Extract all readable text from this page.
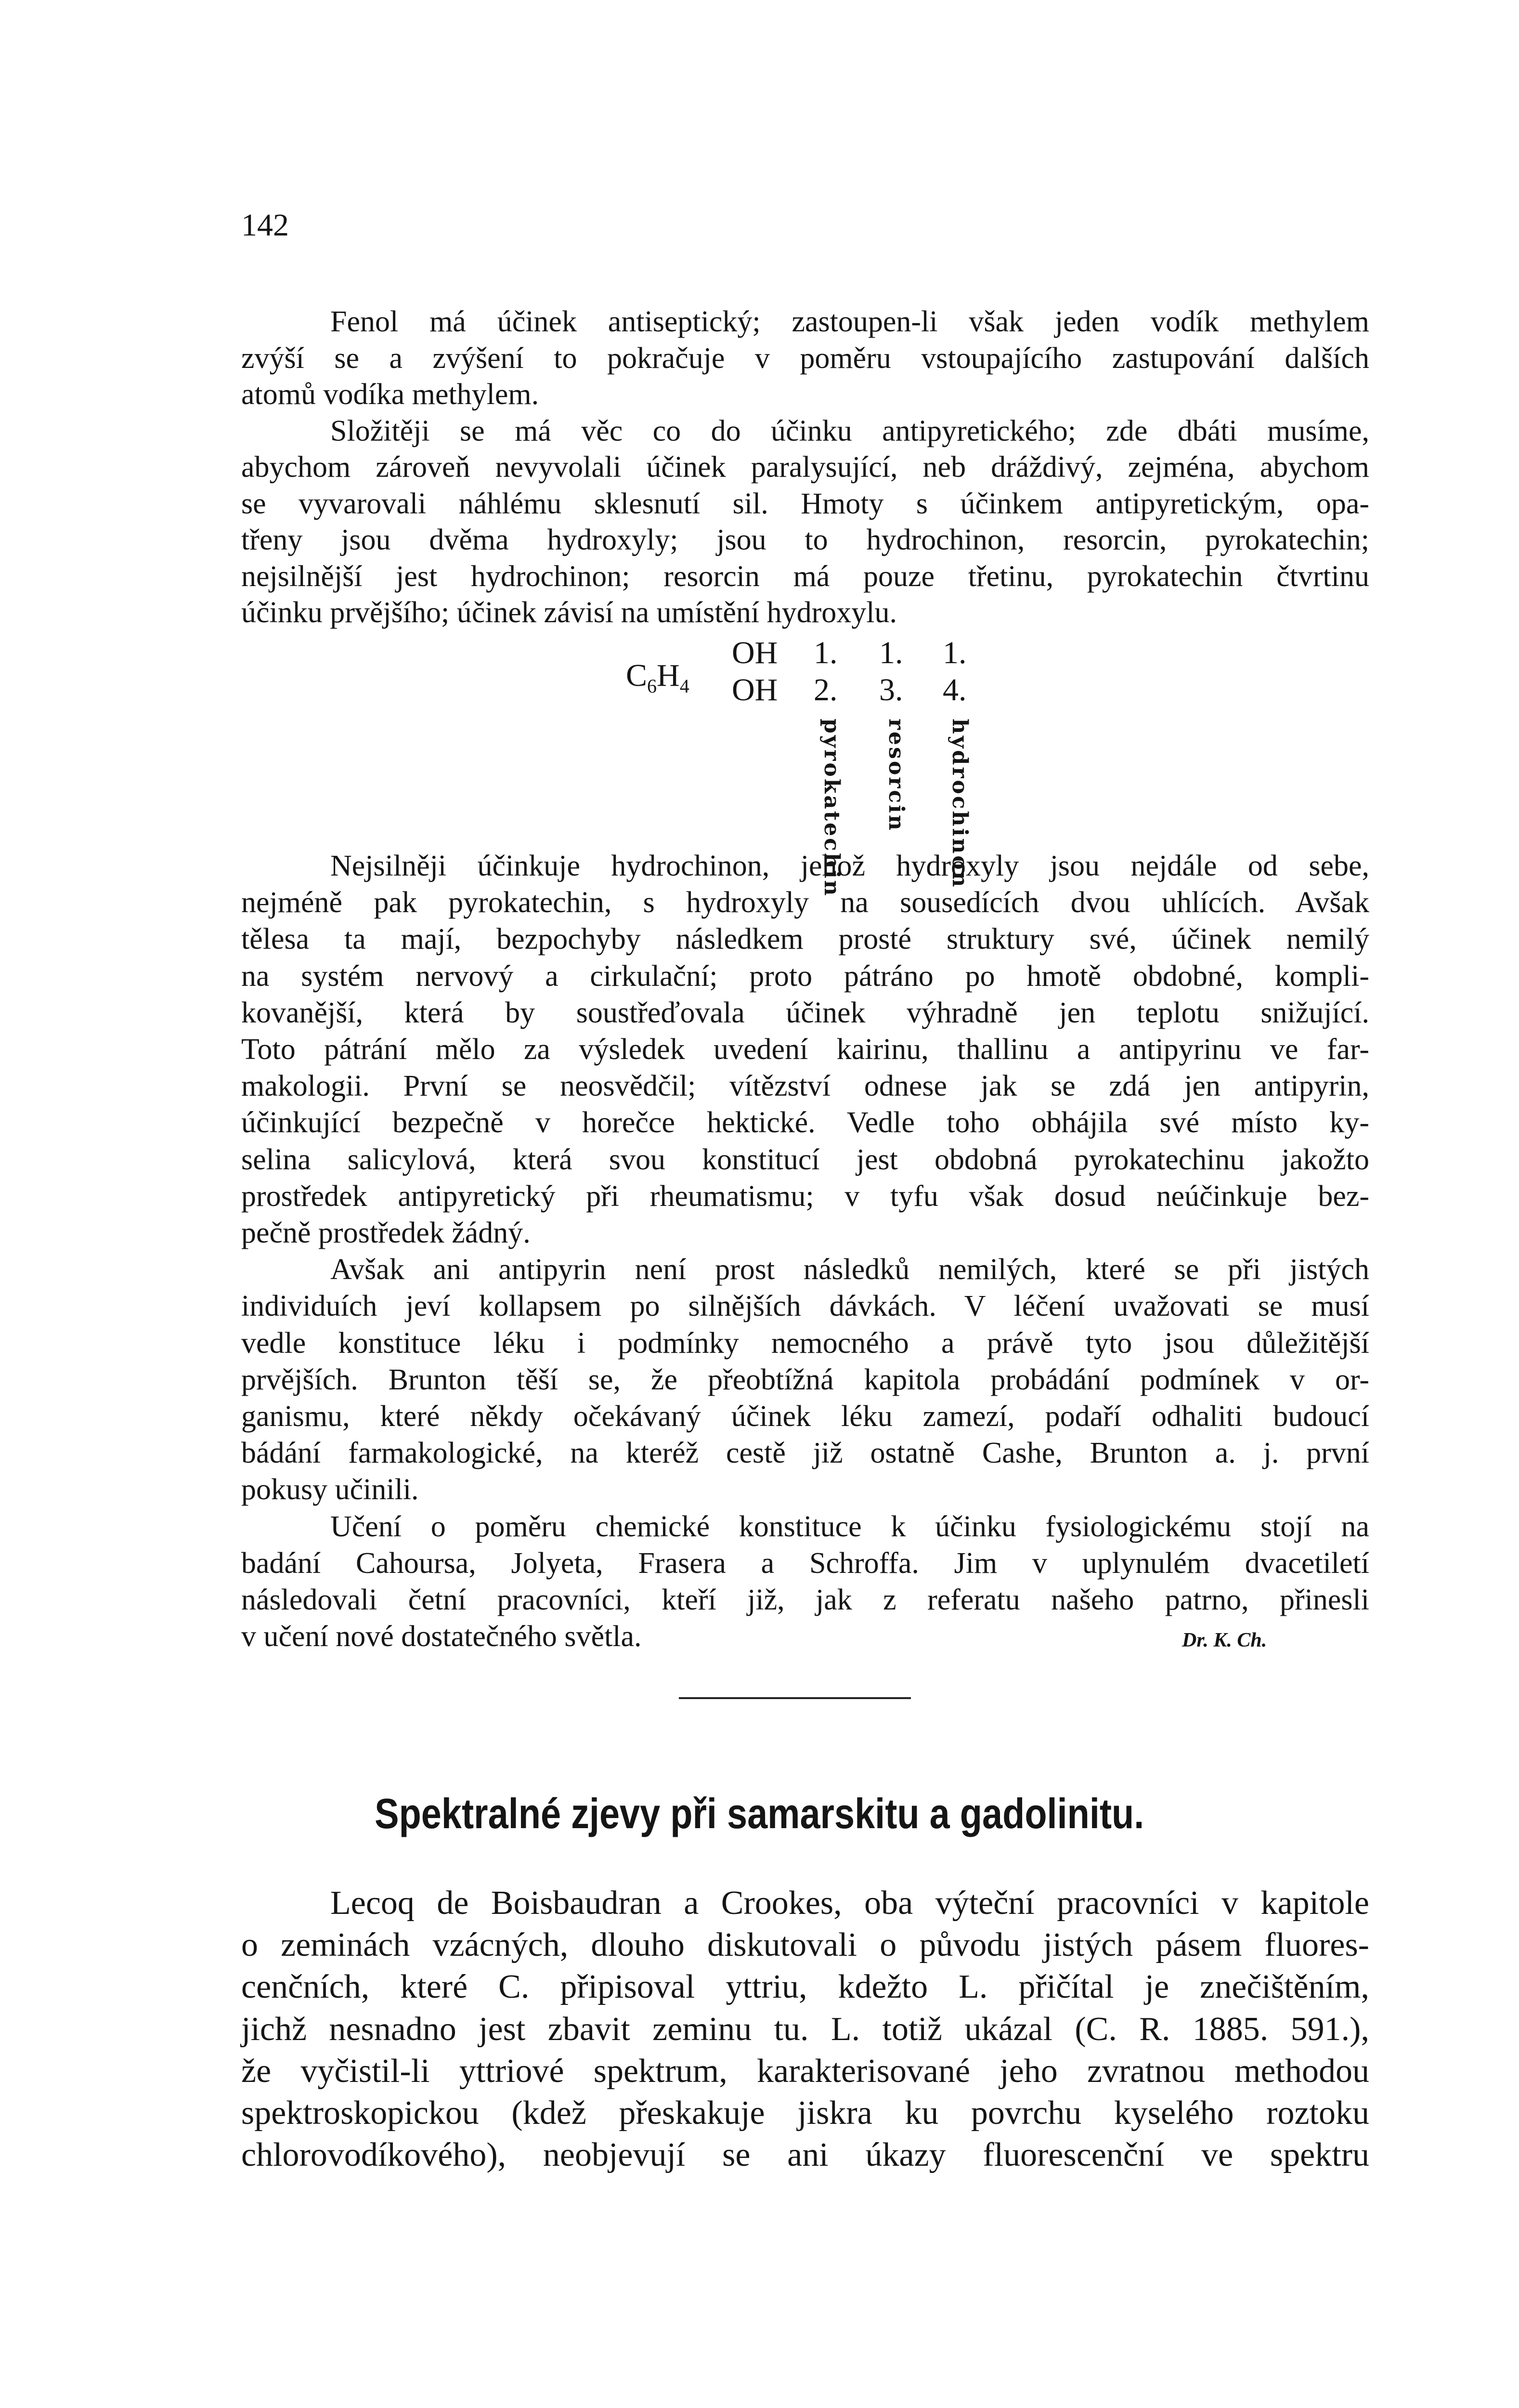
142
Fenol má účinek antiseptický; zastoupen-li však jeden vodík methylem
zvýší se a zvýšení to pokračuje v poměru vstoupajícího zastupování dalších
atomů vodíka methylem.
Složitěji se má věc co do účinku antipyretického; zde dbáti musíme,
abychom zároveň nevyvolali účinek paralysující, neb dráždivý, zejména, abychom
se vyvarovali náhlému sklesnutí sil. Hmoty s účinkem antipyretickým, opa-
třeny jsou dvěma hydroxyly; jsou to hydrochinon, resorcin, pyrokatechin;
nejsilnější jest hydrochinon; resorcin má pouze třetinu, pyrokatechin čtvrtinu
účinku prvějšího; účinek závisí na umístění hydroxylu.
$C_6H_4$
OH
OH
1.
2.
pyrokatechin
1.
3.
resorcin
1.
4.
hydrochinon
Nejsilněji účinkuje hydrochinon, jehož hydroxyly jsou nejdále od sebe,
nejméně pak pyrokatechin, s hydroxyly na sousedících dvou uhlících. Avšak
tělesa ta mají, bezpochyby následkem prosté struktury své, účinek nemilý
na systém nervový a cirkulační; proto pátráno po hmotě obdobné, kompli-
kovanější, která by soustřeďovala účinek výhradně jen teplotu snižující.
Toto pátrání mělo za výsledek uvedení kairinu, thallinu a antipyrinu ve far-
makologii. První se neosvědčil; vítězství odnese jak se zdá jen antipyrin,
účinkující bezpečně v horečce hektické. Vedle toho obhájila své místo ky-
selina salicylová, která svou konstitucí jest obdobná pyrokatechinu jakožto
prostředek antipyretický při rheumatismu; v tyfu však dosud neúčinkuje bez-
pečně prostředek žádný.
Avšak ani antipyrin není prost následků nemilých, které se při jistých
individuích jeví kollapsem po silnějších dávkách. V léčení uvažovati se musí
vedle konstituce léku i podmínky nemocného a právě tyto jsou důležitější
prvějších. Brunton těší se, že přeobtížná kapitola probádání podmínek v or-
ganismu, které někdy očekávaný účinek léku zamezí, podaří odhaliti budoucí
bádání farmakologické, na kteréž cestě již ostatně Cashe, Brunton a. j. první
pokusy učinili.
Učení o poměru chemické konstituce k účinku fysiologickému stojí na
badání Cahoursa, Jolyeta, Frasera a Schroffa. Jim v uplynulém dvacetiletí
následovali četní pracovníci, kteří již, jak z referatu našeho patrno, přinesli
v učení nové dostatečného světla.	Dr. K. Ch.
Spektralné zjevy při samarskitu a gadolinitu.
Lecoq de Boisbaudran a Crookes, oba výteční pracovníci v kapitole
o zeminách vzácných, dlouho diskutovali o původu jistých pásem fluores-
cenčních, které C. připisoval yttriu, kdežto L. přičítal je znečištěním,
jichž nesnadno jest zbavit zeminu tu. L. totiž ukázal (C. R. 1885. 591.),
že vyčistil-li yttriové spektrum, karakterisované jeho zvratnou methodou
spektroskopickou (kdež přeskakuje jiskra ku povrchu kyselého roztoku
chlorovodíkového), neobjevují se ani úkazy fluorescenční ve spektru
